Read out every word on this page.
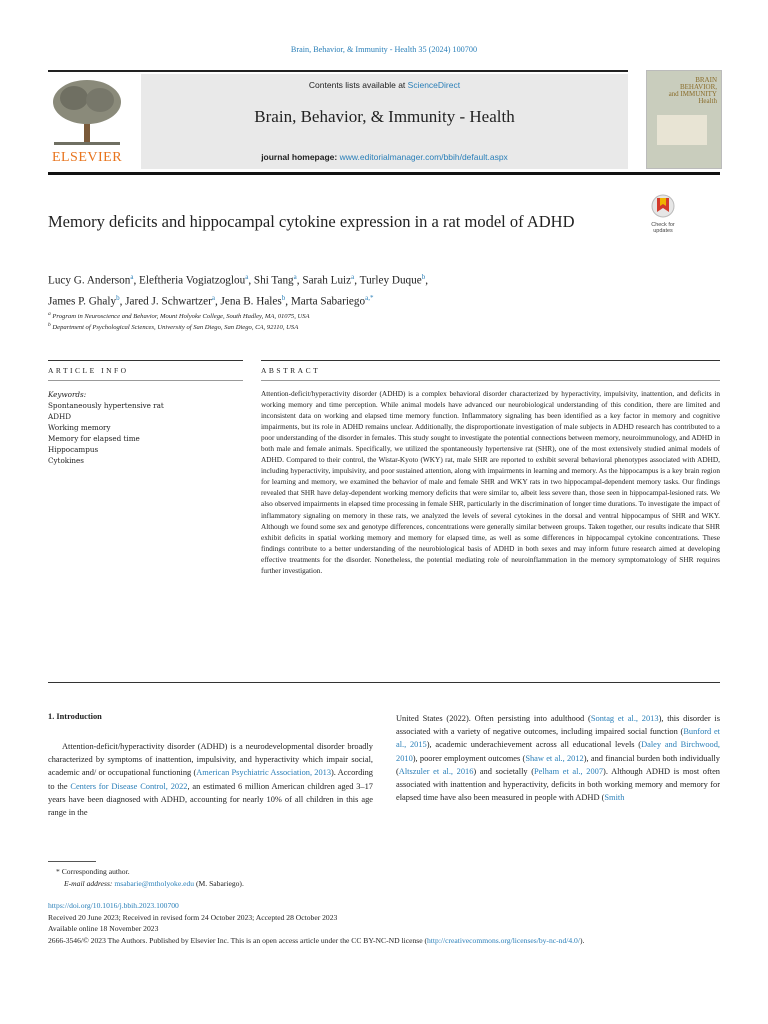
Brain, Behavior, & Immunity - Health 35 (2024) 100700
ELSEVIER
Contents lists available at ScienceDirect
Brain, Behavior, & Immunity - Health
journal homepage: www.editorialmanager.com/bbih/default.aspx
BRAIN
BEHAVIOR,
and IMMUNITY
Health
Memory deficits and hippocampal cytokine expression in a rat model of ADHD	Check for updates
Lucy G. Anderson$^a$, Eleftheria Vogiatzoglou$^a$, Shi Tang$^a$, Sarah Luiz$^a$, Turley Duque$^b$,
James P. Ghaly$^b$, Jared J. Schwartzer$^a$, Jena B. Hales$^b$, Marta Sabariego$^{a,*}$
$^a$ Program in Neuroscience and Behavior, Mount Holyoke College, South Hadley, MA, 01075, USA
$^b$ Department of Psychological Sciences, University of San Diego, San Diego, CA, 92110, USA
ARTICLE INFO	ABSTRACT
Keywords:
Spontaneously hypertensive rat
ADHD
Working memory
Memory for elapsed time
Hippocampus
Cytokines
Attention-deficit/hyperactivity disorder (ADHD) is a complex behavioral disorder characterized by hyperactivity, impulsivity, inattention, and deficits in working memory and time perception. While animal models have advanced our neurobiological understanding of this condition, there are limited and inconsistent data on working and elapsed time memory function. Inflammatory signaling has been identified as a key factor in memory and cognitive impairments, but its role in ADHD remains unclear. Additionally, the disproportionate investigation of male subjects in ADHD research has contributed to a poor understanding of the disorder in females. This study sought to investigate the potential connections between memory, neuroimmunology, and ADHD in both male and female animals. Specifically, we utilized the spontaneously hypertensive rat (SHR), one of the most extensively studied animal models of ADHD. Compared to their control, the Wistar-Kyoto (WKY) rat, male SHR are reported to exhibit several behavioral phenotypes associated with ADHD, including hyperactivity, impulsivity, and poor sustained attention, along with impairments in learning and memory. As the hippocampus is a key brain region for learning and memory, we examined the behavior of male and female SHR and WKY rats in two hippocampal-dependent memory tasks. Our findings revealed that SHR have delay-dependent working memory deficits that were similar to, albeit less severe than, those seen in hippocampal-lesioned rats. We also observed impairments in elapsed time processing in female SHR, particularly in the discrimination of longer time durations. To investigate the impact of inflammatory signaling on memory in these rats, we analyzed the levels of several cytokines in the dorsal and ventral hippocampus of SHR and WKY. Although we found some sex and genotype differences, concentrations were generally similar between groups. Taken together, our results indicate that SHR exhibit deficits in spatial working memory and memory for elapsed time, as well as some differences in hippocampal cytokine concentrations. These findings contribute to a better understanding of the neurobiological basis of ADHD in both sexes and may inform future research aimed at developing effective treatments for the disorder. Nonetheless, the potential mediating role of neuroinflammation in the memory symptomatology of SHR requires further investigation.
1. Introduction
Attention-deficit/hyperactivity disorder (ADHD) is a neurodevelopmental disorder broadly characterized by symptoms of inattention, impulsivity, and hyperactivity which impair social, academic and/ or occupational functioning (American Psychiatric Association, 2013). According to the Centers for Disease Control, 2022, an estimated 6 million American children aged 3–17 years have been diagnosed with ADHD, accounting for nearly 10% of all children in this age range in the
United States (2022). Often persisting into adulthood (Sontag et al., 2013), this disorder is associated with a variety of negative outcomes, including impaired social function (Bunford et al., 2015), academic underachievement across all educational levels (Daley and Birchwood, 2010), poorer employment outcomes (Shaw et al., 2012), and financial burden both individually (Altszuler et al., 2016) and societally (Pelham et al., 2007). Although ADHD is most often associated with inattention and hyperactivity, deficits in both working memory and memory for elapsed time have also been measured in people with ADHD (Smith
* Corresponding author.
E-mail address: msabarie@mtholyoke.edu (M. Sabariego).
https://doi.org/10.1016/j.bbih.2023.100700
Received 20 June 2023; Received in revised form 24 October 2023; Accepted 28 October 2023
Available online 18 November 2023
2666-3546/© 2023 The Authors. Published by Elsevier Inc. This is an open access article under the CC BY-NC-ND license (http://creativecommons.org/licenses/by-nc-nd/4.0/).
